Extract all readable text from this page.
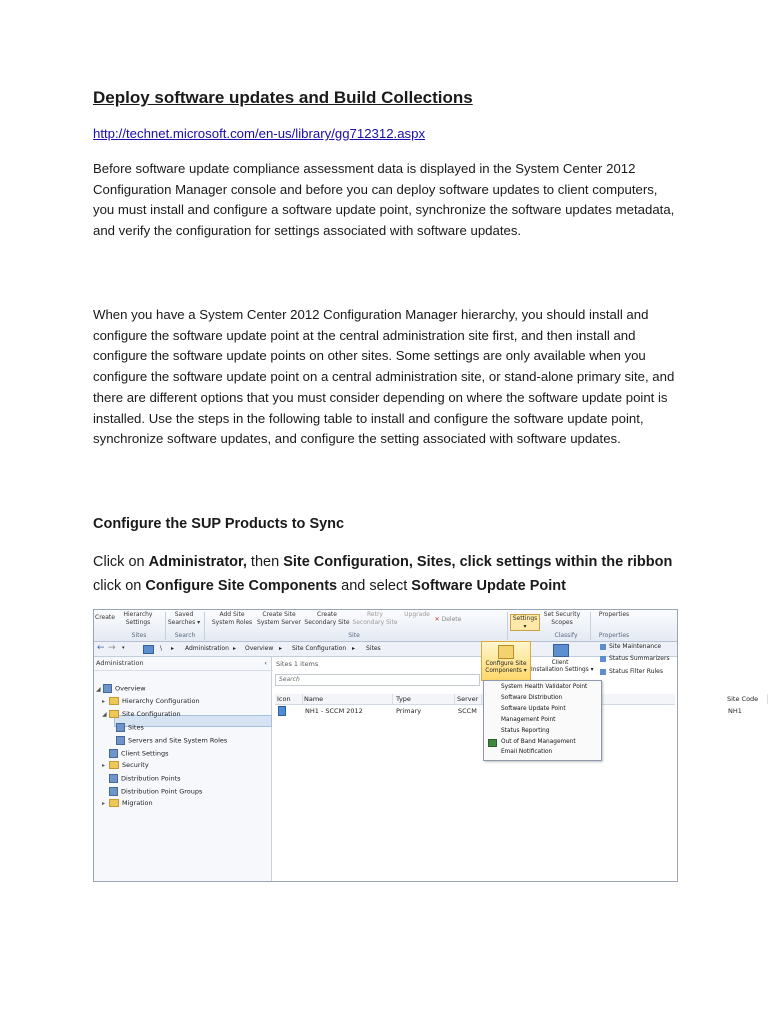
Deploy software updates and Build Collections
http://technet.microsoft.com/en-us/library/gg712312.aspx

Before software update compliance assessment data is displayed in the System Center 2012 Configuration Manager console and before you can deploy software updates to client computers, you must install and configure a software update point, synchronize the software updates metadata, and verify the configuration for settings associated with software updates.

When you have a System Center 2012 Configuration Manager hierarchy, you should install and configure the software update point at the central administration site first, and then install and configure the software update points on other sites. Some settings are only available when you configure the software update point on a central administration site, or stand-alone primary site, and there are different options that you must consider depending on where the software update point is installed. Use the steps in the following table to install and configure the software update point, synchronize software updates, and configure the setting associated with software updates.

Configure the SUP Products to Sync

Click on Administrator, then Site Configuration, Sites, click settings within the ribbon click on Configure Site Components and select Software Update Point

Create	Hierarchy
Settings
Saved
Searches ▾
Add Site
System Roles
Create Site
System Server
Create
Secondary Site
Retry
Secondary Site
Upgrade
✕ Delete	Settings
▾
Set Security
Scopes
Properties
Sites	Search	Site	Classify	Properties
← → ▾	\ ▸ Administration ▸ Overview ▸ Site Configuration ▸ Sites
Administration	‹
◢ Overview
▸	Hierarchy Configuration
◢ Site Configuration
Sites
Servers and Site System Roles
Client Settings
▸	Security
Distribution Points
Distribution Point Groups
▸	Migration
Sites 1 items
Search
Icon	Name	Type	Server	Site Code
NH1 - SCCM 2012	Primary	SCCM	NH1
Configure Site
Components ▾
Client
Installation Settings ▾
Site Maintenance
Status Summarizers
Status Filter Rules
System Health Validator Point
Software Distribution
Software Update Point
Management Point
Status Reporting
Out of Band Management
Email Notification
